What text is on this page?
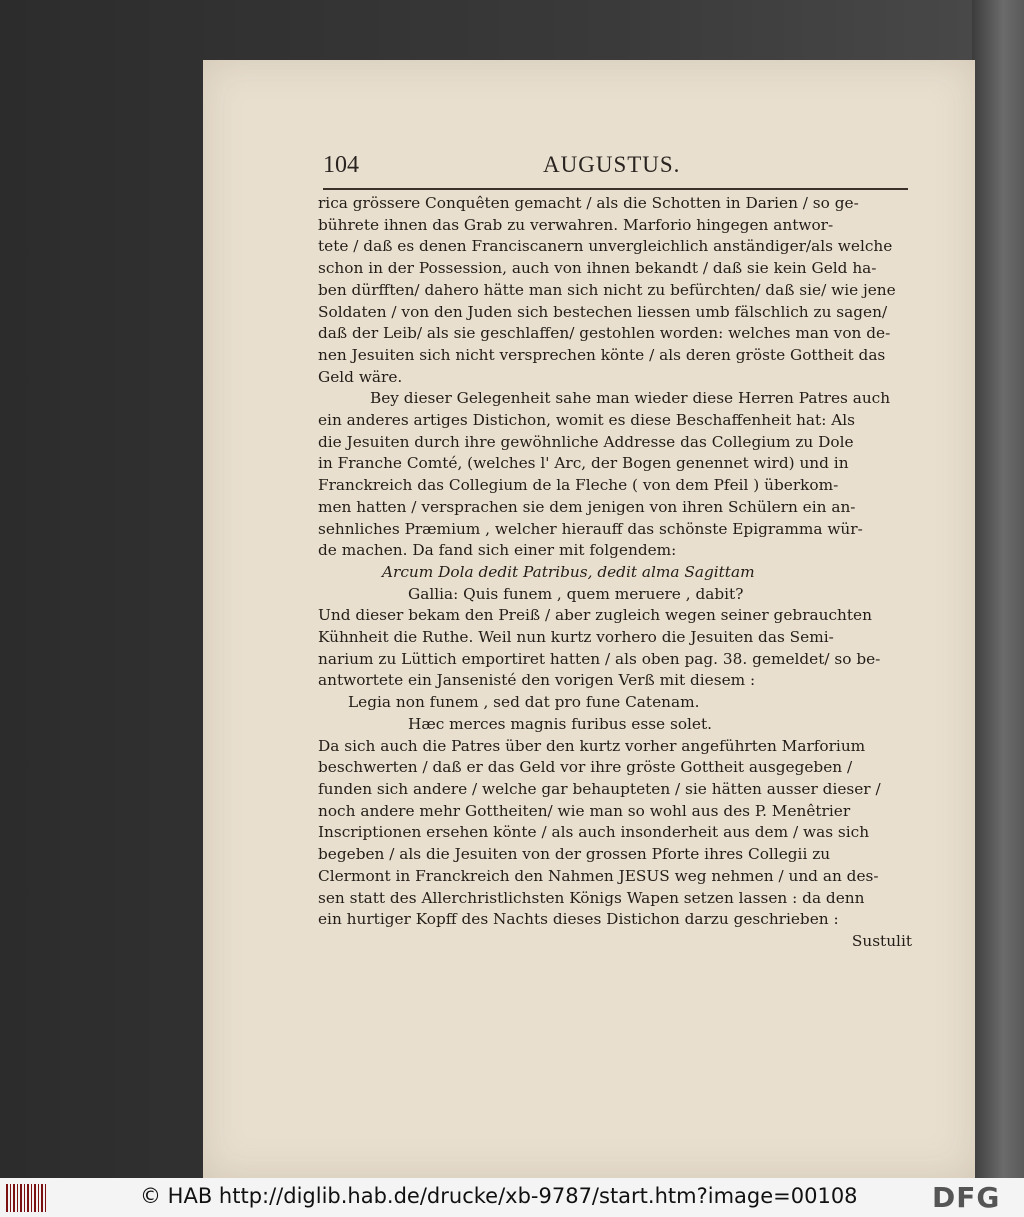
104	AUGUSTUS.
rica grössere Conquêten gemacht / als die Schotten in Darien / so ge-
bührete ihnen das Grab zu verwahren. Marforio hingegen antwor-
tete / daß es denen Franciscanern unvergleichlich anständiger/als welche
schon in der Possession, auch von ihnen bekandt / daß sie kein Geld ha-
ben dürfften/ dahero hätte man sich nicht zu befürchten/ daß sie/ wie jene
Soldaten / von den Juden sich bestechen liessen umb fälschlich zu sagen/
daß der Leib/ als sie geschlaffen/ gestohlen worden: welches man von de-
nen Jesuiten sich nicht versprechen könte / als deren gröste Gottheit das
Geld wäre.
Bey dieser Gelegenheit sahe man wieder diese Herren Patres auch
ein anderes artiges Distichon, womit es diese Beschaffenheit hat: Als
die Jesuiten durch ihre gewöhnliche Addresse das Collegium zu Dole
in Franche Comté, (welches l' Arc, der Bogen genennet wird) und in
Franckreich das Collegium de la Fleche ( von dem Pfeil ) überkom-
men hatten / versprachen sie dem jenigen von ihren Schülern ein an-
sehnliches Præmium , welcher hierauff das schönste Epigramma wür-
de machen. Da fand sich einer mit folgendem:
Arcum Dola dedit Patribus, dedit alma Sagittam
Gallia: Quis funem , quem meruere , dabit?
Und dieser bekam den Preiß / aber zugleich wegen seiner gebrauchten
Kühnheit die Ruthe. Weil nun kurtz vorhero die Jesuiten das Semi-
narium zu Lüttich emportiret hatten / als oben pag. 38. gemeldet/ so be-
antwortete ein Jansenisté den vorigen Verß mit diesem :
Legia non funem , sed dat pro fune Catenam.
Hæc merces magnis furibus esse solet.
Da sich auch die Patres über den kurtz vorher angeführten Marforium
beschwerten / daß er das Geld vor ihre gröste Gottheit ausgegeben /
funden sich andere / welche gar behaupteten / sie hätten ausser dieser /
noch andere mehr Gottheiten/ wie man so wohl aus des P. Menêtrier
Inscriptionen ersehen könte / als auch insonderheit aus dem / was sich
begeben / als die Jesuiten von der grossen Pforte ihres Collegii zu
Clermont in Franckreich den Nahmen JESUS weg nehmen / und an des-
sen statt des Allerchristlichsten Königs Wapen setzen lassen : da denn
ein hurtiger Kopff des Nachts dieses Distichon darzu geschrieben :
Sustulit
© HAB http://diglib.hab.de/drucke/xb-9787/start.htm?image=00108	DFG
